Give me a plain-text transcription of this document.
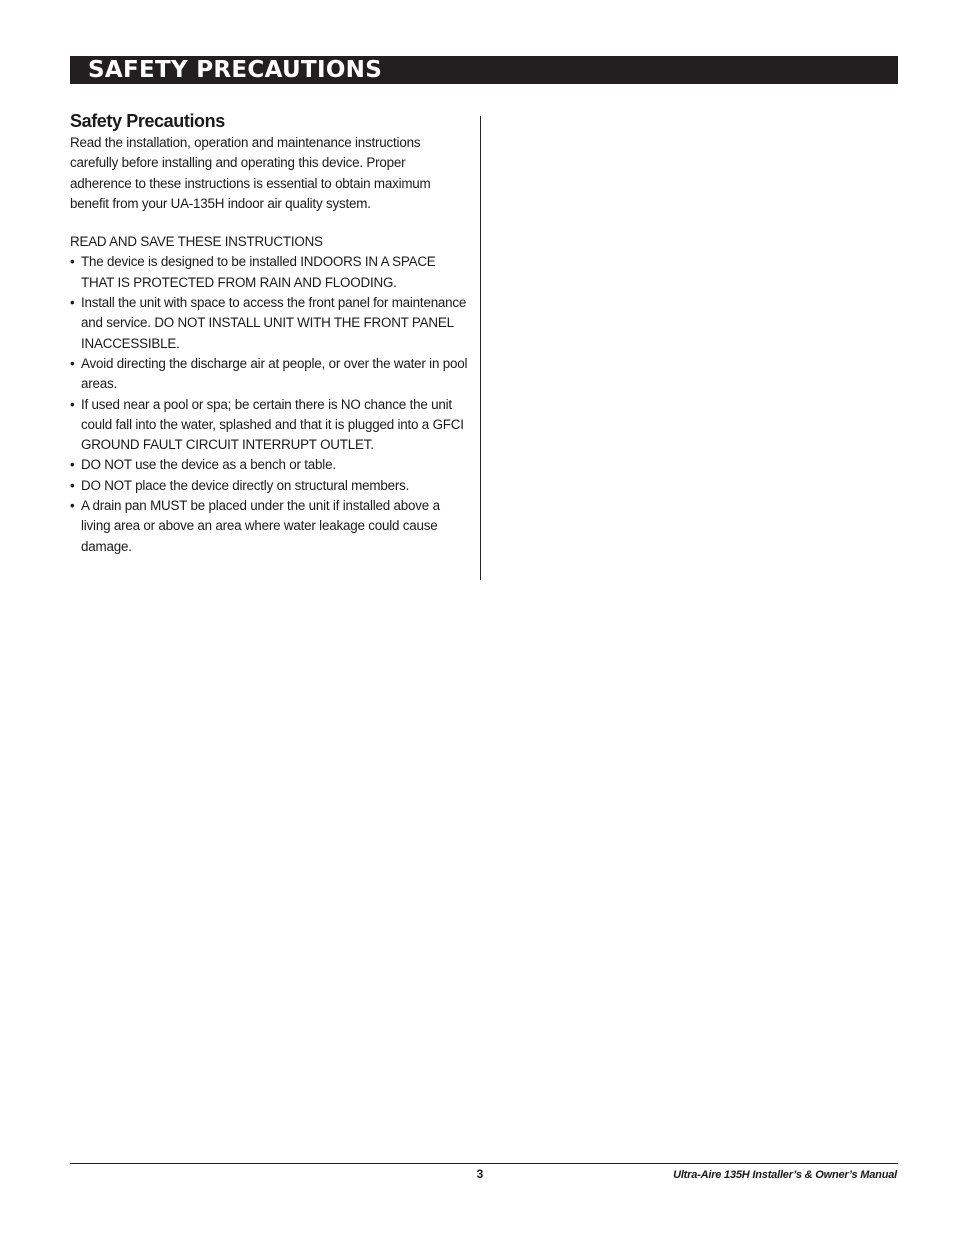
SAFETY PRECAUTIONS
Safety Precautions

Read the installation, operation and maintenance instructions carefully before installing and operating this device. Proper adherence to these instructions is essential to obtain maximum benefit from your UA-135H indoor air quality system.

READ AND SAVE THESE INSTRUCTIONS

• The device is designed to be installed INDOORS IN A SPACE THAT IS PROTECTED FROM RAIN AND FLOODING.
• Install the unit with space to access the front panel for maintenance and service. DO NOT INSTALL UNIT WITH THE FRONT PANEL INACCESSIBLE.
• Avoid directing the discharge air at people, or over the water in pool areas.
• If used near a pool or spa; be certain there is NO chance the unit could fall into the water, splashed and that it is plugged into a GFCI GROUND FAULT CIRCUIT INTERRUPT OUTLET.
• DO NOT use the device as a bench or table.
• DO NOT place the device directly on structural members.
• A drain pan MUST be placed under the unit if installed above a living area or above an area where water leakage could cause damage.
3	Ultra-Aire 135H Installer’s & Owner’s Manual
